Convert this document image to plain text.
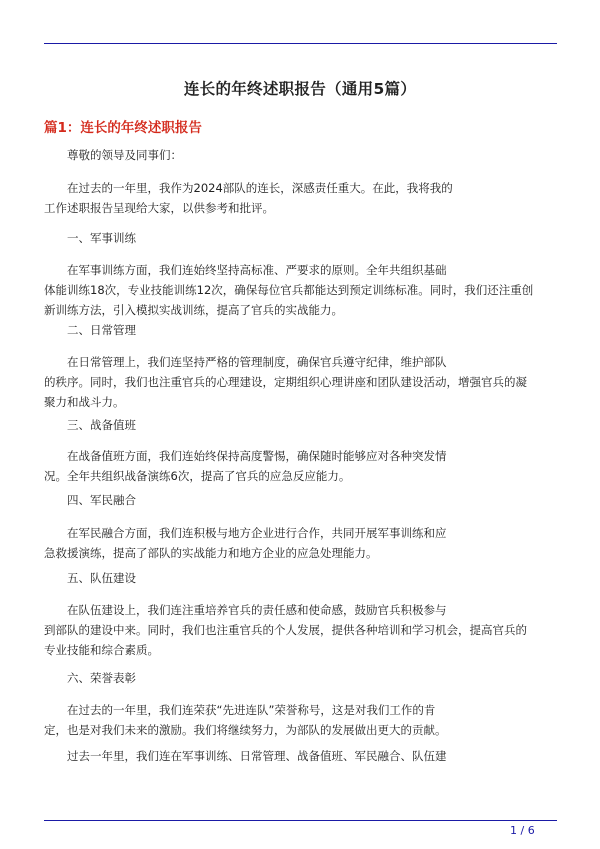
连长的年终述职报告（通用5篇）
篇1：连长的年终述职报告

尊敬的领导及同事们：

在过去的一年里，我作为2024部队的连长，深感责任重大。在此，我将我的
工作述职报告呈现给大家，以供参考和批评。

一、军事训练

在军事训练方面，我们连始终坚持高标准、严要求的原则。全年共组织基础
体能训练18次，专业技能训练12次，确保每位官兵都能达到预定训练标准。同时，我们还注重创
新训练方法，引入模拟实战训练，提高了官兵的实战能力。

二、日常管理

在日常管理上，我们连坚持严格的管理制度，确保官兵遵守纪律，维护部队
的秩序。同时，我们也注重官兵的心理建设，定期组织心理讲座和团队建设活动，增强官兵的凝
聚力和战斗力。

三、战备值班

在战备值班方面，我们连始终保持高度警惕，确保随时能够应对各种突发情
况。全年共组织战备演练6次，提高了官兵的应急反应能力。

四、军民融合

在军民融合方面，我们连积极与地方企业进行合作，共同开展军事训练和应
急救援演练，提高了部队的实战能力和地方企业的应急处理能力。

五、队伍建设

在队伍建设上，我们连注重培养官兵的责任感和使命感，鼓励官兵积极参与
到部队的建设中来。同时，我们也注重官兵的个人发展，提供各种培训和学习机会，提高官兵的
专业技能和综合素质。

六、荣誉表彰

在过去的一年里，我们连荣获“先进连队”荣誉称号，这是对我们工作的肯
定，也是对我们未来的激励。我们将继续努力，为部队的发展做出更大的贡献。

过去一年里，我们连在军事训练、日常管理、战备值班、军民融合、队伍建

1 / 6
